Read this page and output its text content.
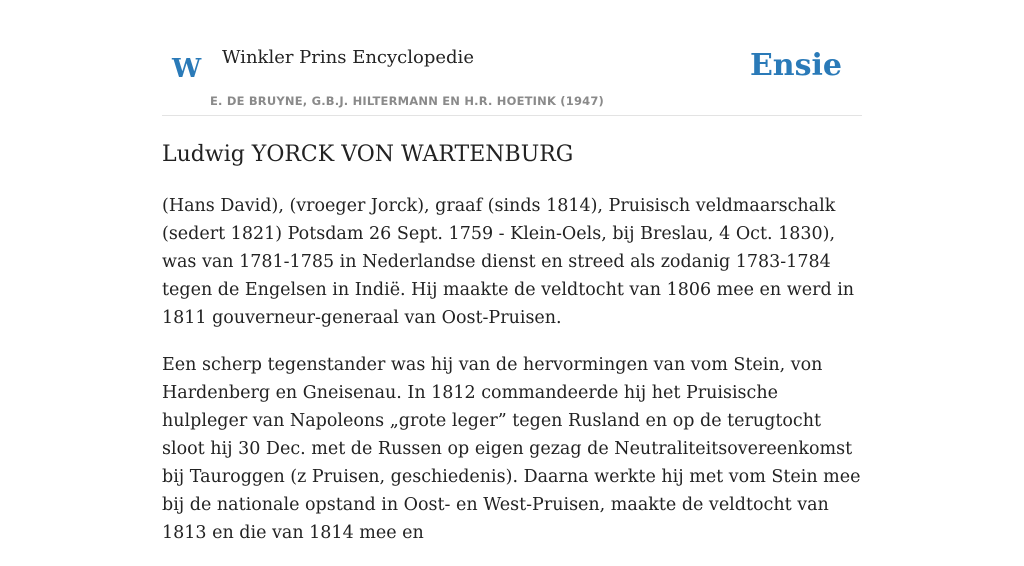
W Winkler Prins Encyclopedie
E. DE BRUYNE, G.B.J. HILTERMANN EN H.R. HOETINK (1947)
Ensie
Ludwig YORCK VON WARTENBURG

(Hans David), (vroeger Jorck), graaf (sinds 1814), Pruisisch veldmaarschalk (sedert 1821) Potsdam 26 Sept. 1759 - Klein-Oels, bij Breslau, 4 Oct. 1830), was van 1781-1785 in Nederlandse dienst en streed als zodanig 1783-1784 tegen de Engelsen in Indië. Hij maakte de veldtocht van 1806 mee en werd in 1811 gouverneur-generaal van Oost-Pruisen.

Een scherp tegenstander was hij van de hervormingen van vom Stein, von Hardenberg en Gneisenau. In 1812 commandeerde hij het Pruisische hulpleger van Napoleons „grote leger” tegen Rusland en op de terugtocht sloot hij 30 Dec. met de Russen op eigen gezag de Neutraliteitsovereenkomst bij Tauroggen (z Pruisen, geschiedenis). Daarna werkte hij met vom Stein mee bij de nationale opstand in Oost- en West-Pruisen, maakte de veldtocht van 1813 en die van 1814 mee en
